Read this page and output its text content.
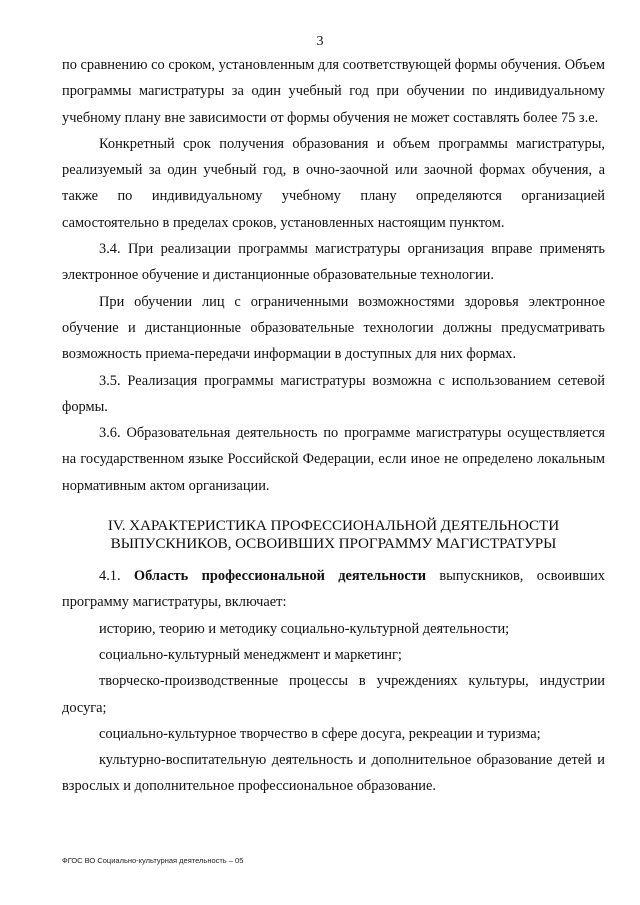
3

по сравнению со сроком, установленным для соответствующей формы обучения. Объем программы магистратуры за один учебный год при обучении по индивидуальному учебному плану вне зависимости от формы обучения не может составлять более 75 з.е.

Конкретный срок получения образования и объем программы магистратуры, реализуемый за один учебный год, в очно-заочной или заочной формах обучения, а также по индивидуальному учебному плану определяются организацией самостоятельно в пределах сроков, установленных настоящим пунктом.

3.4. При реализации программы магистратуры организация вправе применять электронное обучение и дистанционные образовательные технологии.

При обучении лиц с ограниченными возможностями здоровья электронное обучение и дистанционные образовательные технологии должны предусматривать возможность приема-передачи информации в доступных для них формах.

3.5. Реализация программы магистратуры возможна с использованием сетевой формы.

3.6. Образовательная деятельность по программе магистратуры осуществляется на государственном языке Российской Федерации, если иное не определено локальным нормативным актом организации.

IV. ХАРАКТЕРИСТИКА ПРОФЕССИОНАЛЬНОЙ ДЕЯТЕЛЬНОСТИ
ВЫПУСКНИКОВ, ОСВОИВШИХ ПРОГРАММУ МАГИСТРАТУРЫ

4.1. Область профессиональной деятельности выпускников, освоивших программу магистратуры, включает:

историю, теорию и методику социально-культурной деятельности;

социально-культурный менеджмент и маркетинг;

творческо-производственные процессы в учреждениях культуры, индустрии досуга;

социально-культурное творчество в сфере досуга, рекреации и туризма;

культурно-воспитательную деятельность и дополнительное образование детей и взрослых и дополнительное профессиональное образование.

ФГОС ВО Социально-культурная деятельность – 05
